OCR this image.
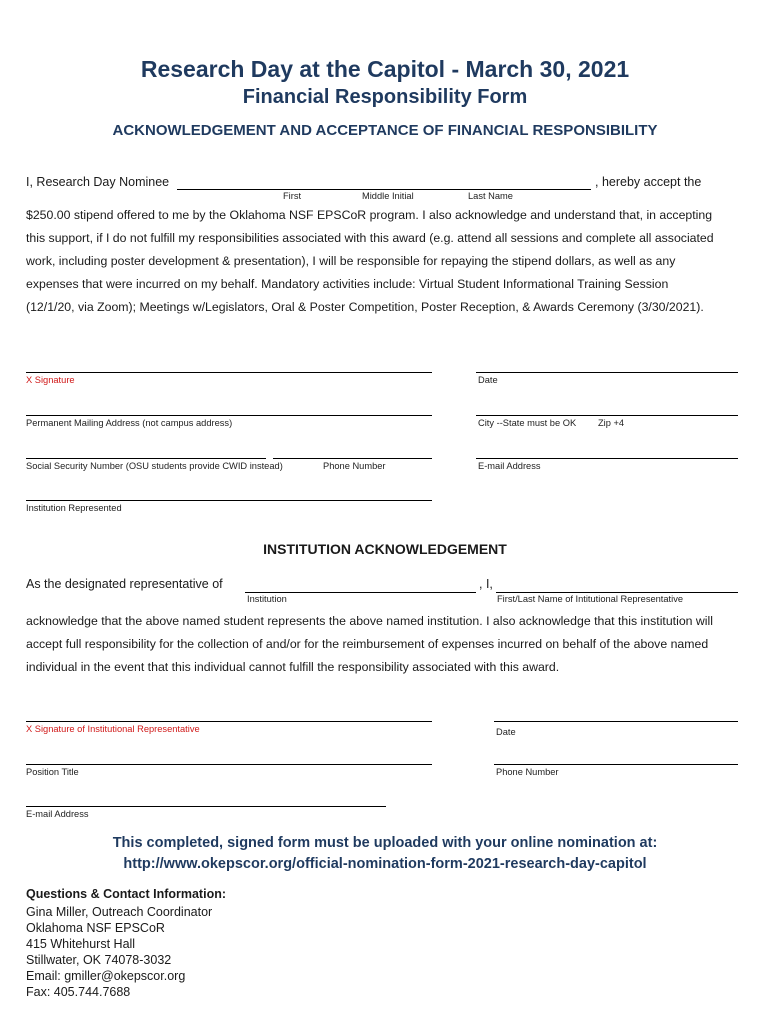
Research Day at the Capitol - March 30, 2021
Financial Responsibility Form
ACKNOWLEDGEMENT AND ACCEPTANCE OF FINANCIAL RESPONSIBILITY
I, Research Day Nominee	, hereby accept the
First	Middle Initial	Last Name
$250.00 stipend offered to me by the Oklahoma NSF EPSCoR program. I also acknowledge and understand that, in accepting
this support, if I do not fulfill my responsibilities associated with this award (e.g. attend all sessions and complete all associated
work, including poster development & presentation), I will be responsible for repaying the stipend dollars, as well as any
expenses that were incurred on my behalf. Mandatory activities include: Virtual Student Informational Training Session
(12/1/20, via Zoom); Meetings w/Legislators, Oral & Poster Competition, Poster Reception, & Awards Ceremony (3/30/2021).
X Signature	Date
Permanent Mailing Address (not campus address)	City --State must be OK Zip +4
Social Security Number (OSU students provide CWID instead)	Phone Number	E-mail Address
Institution Represented
INSTITUTION ACKNOWLEDGEMENT
As the designated representative of	, I,
Institution	First/Last Name of Intitutional Representative
acknowledge that the above named student represents the above named institution. I also acknowledge that this institution will
accept full responsibility for the collection of and/or for the reimbursement of expenses incurred on behalf of the above named
individual in the event that this individual cannot fulfill the responsibility associated with this award.
X Signature of Institutional Representative	Date
Position Title	Phone Number
E-mail Address
This completed, signed form must be uploaded with your online nomination at:
http://www.okepscor.org/official-nomination-form-2021-research-day-capitol
Questions & Contact Information:
Gina Miller, Outreach Coordinator
Oklahoma NSF EPSCoR
415 Whitehurst Hall
Stillwater, OK 74078-3032
Email: gmiller@okepscor.org
Fax: 405.744.7688
